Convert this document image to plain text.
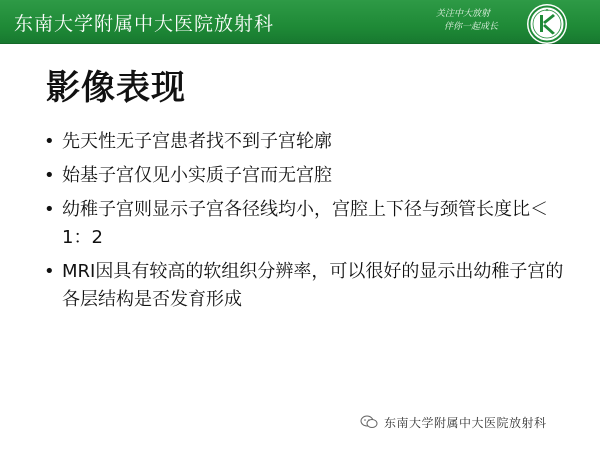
东南大学附属中大医院放射科	关注中大放射
伴你一起成长
影像表现
• 先天性无子宫患者找不到子宫轮廓
• 始基子宫仅见小实质子宫而无宫腔
• 幼稚子宫则显示子宫各径线均小，宫腔上下径与颈管长度比＜1：2
• MRI因具有较高的软组织分辨率，可以很好的显示出幼稚子宫的各层结构是否发育形成
东南大学附属中大医院放射科
